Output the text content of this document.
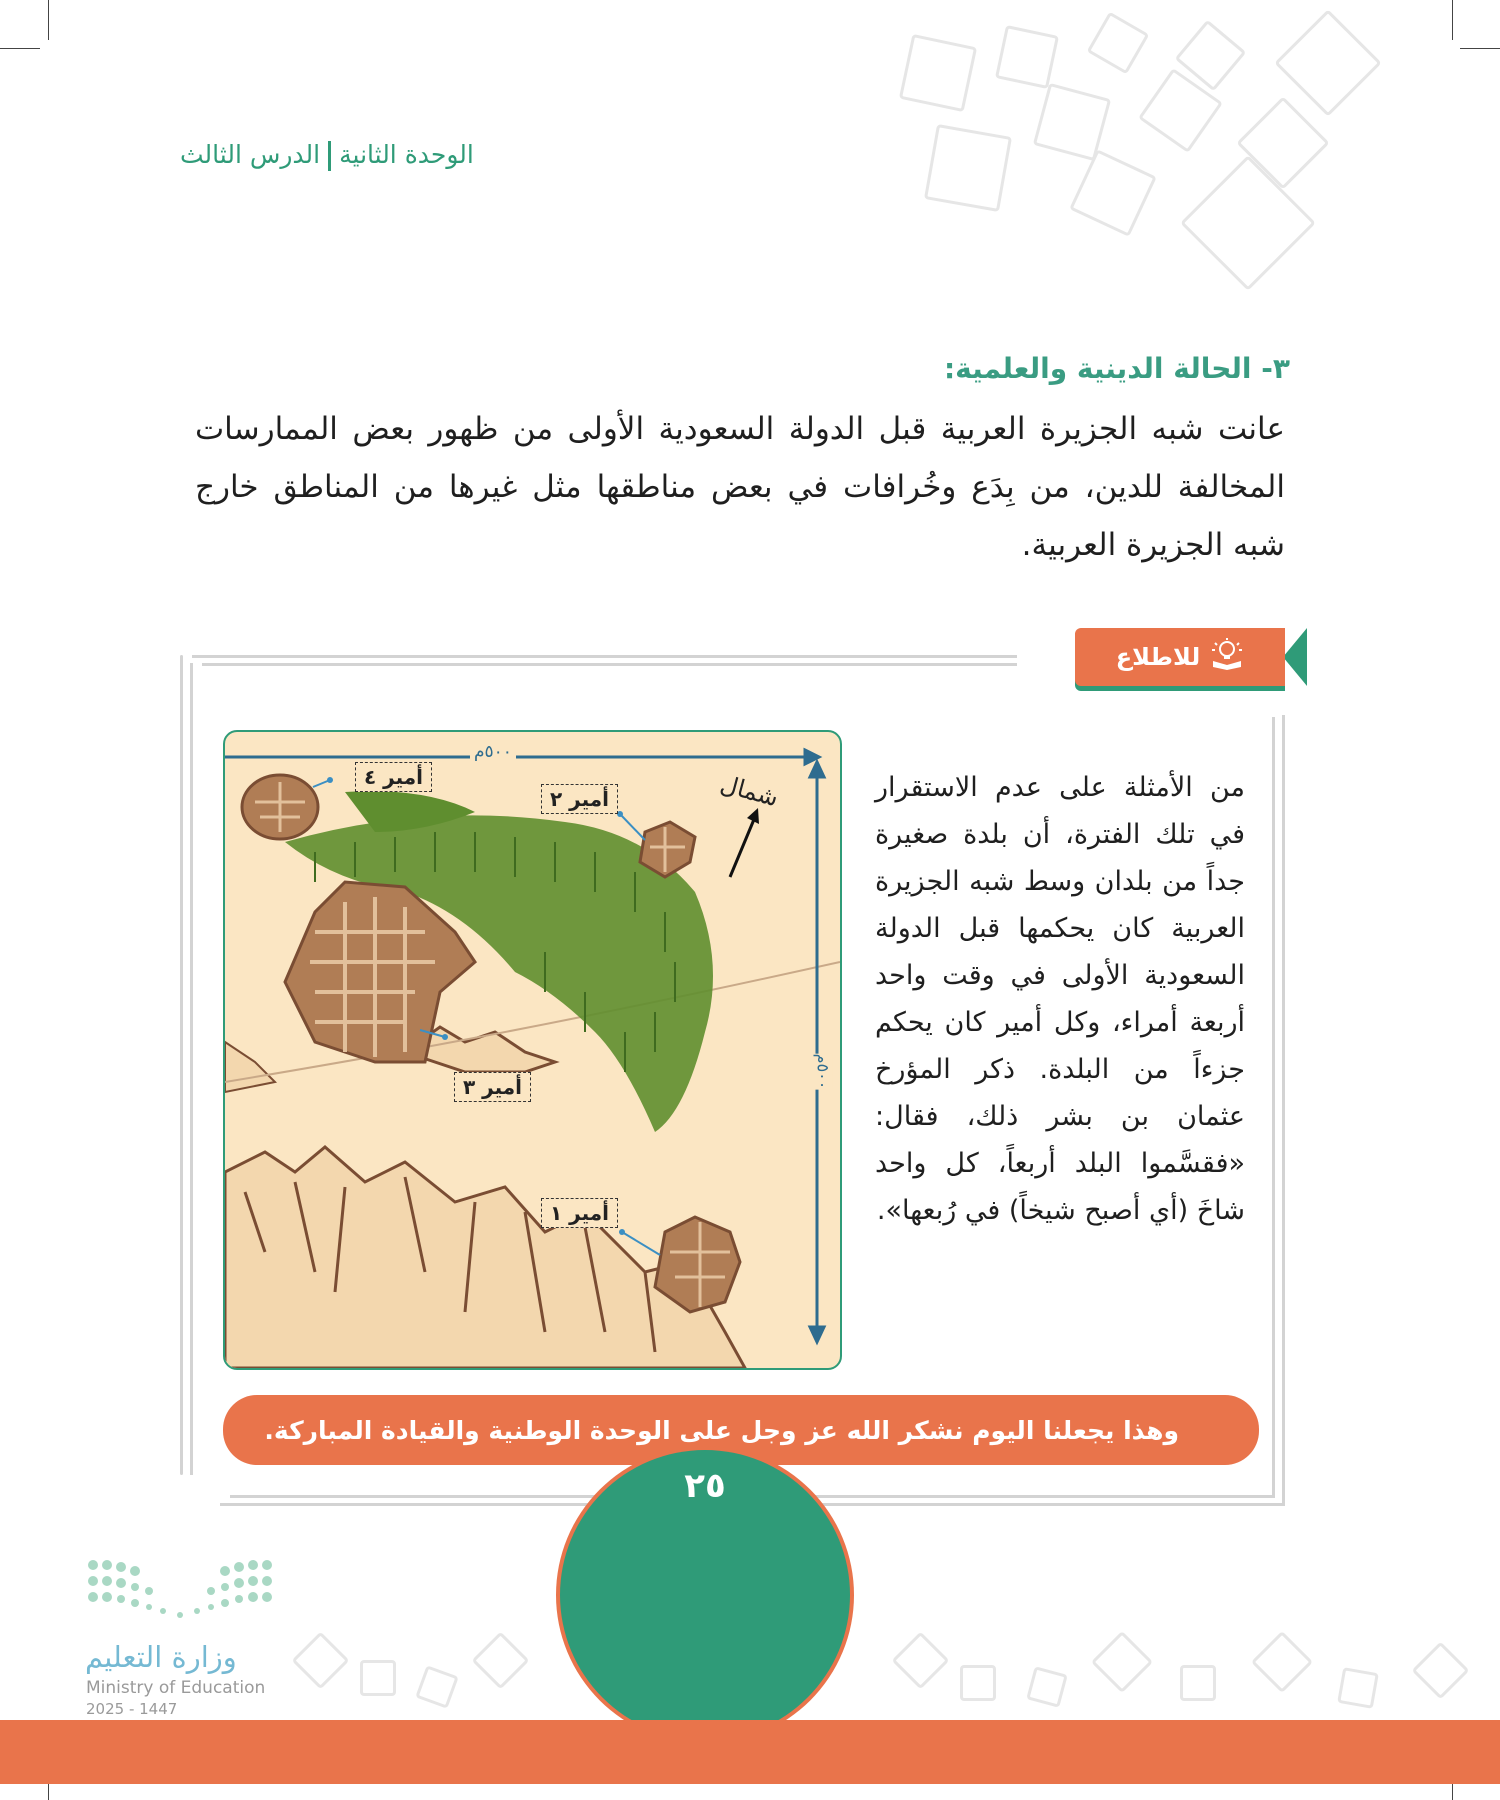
الوحدة الثانيةالدرس الثالث
٣- الحالة الدينية والعلمية:
عانت شبه الجزيرة العربية قبل الدولة السعودية الأولى من ظهور بعض الممارسات المخالفة للدين، من بِدَع وخُرافات في بعض مناطقها مثل غيرها من المناطق خارج شبه الجزيرة العربية.
للاطلاع
من الأمثلة على عدم الاستقرار في تلك الفترة، أن بلدة صغيرة جداً من بلدان وسط شبه الجزيرة العربية كان يحكمها قبل الدولة السعودية الأولى في وقت واحد أربعة أمراء، وكل أمير كان يحكم جزءاً من البلدة. ذكر المؤرخ عثمان بن بشر ذلك، فقال: «فقسَّموا البلد أربعاً، كل واحد شاخَ (أي أصبح شيخاً) في رُبعها».
٥٠٠م
٥٠٠م
شمال
أمير ٤
أمير ٢
أمير ٣
أمير ١
وهذا يجعلنا اليوم نشكر الله عز وجل على الوحدة الوطنية والقيادة المباركة.
٢٥
وزارة التعليم
Ministry of Education
2025 - 1447
